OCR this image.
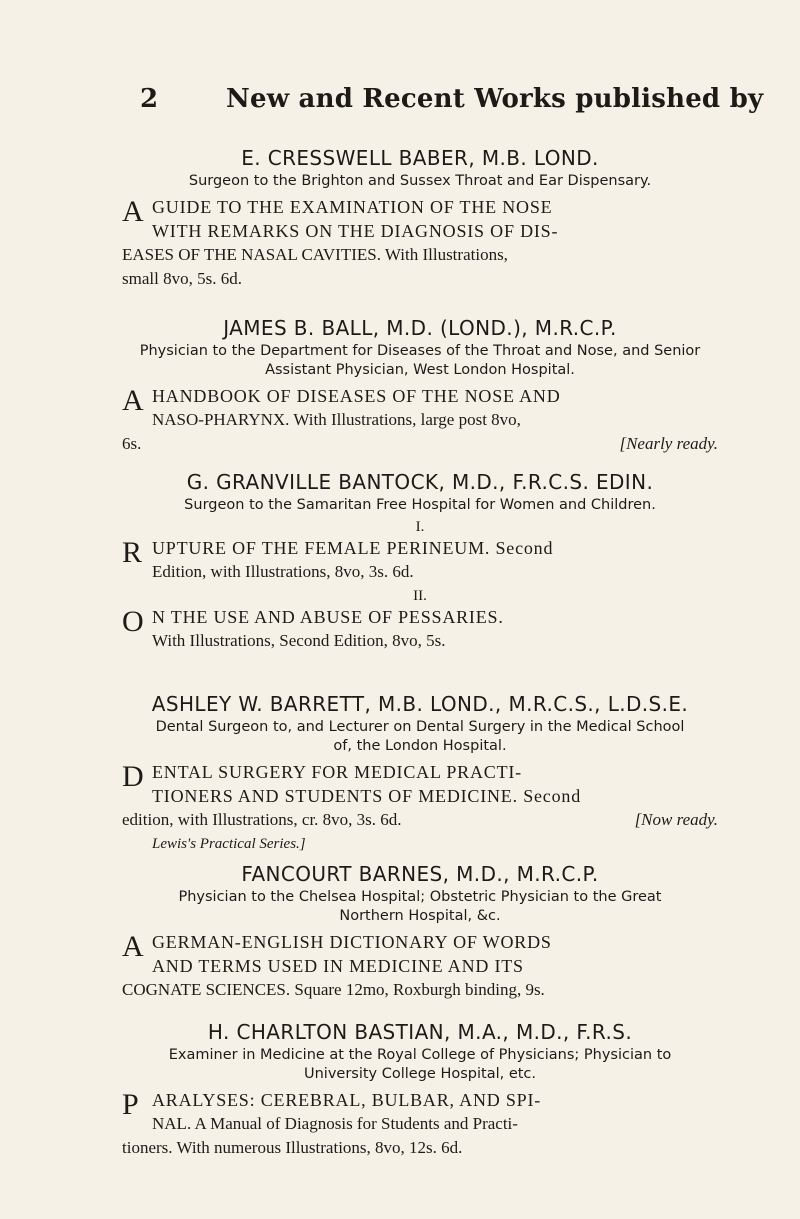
2	New and Recent Works published by

E. CRESSWELL BABER, M.B. LOND.

Surgeon to the Brighton and Sussex Throat and Ear Dispensary.

A GUIDE TO THE EXAMINATION OF THE NOSE
WITH REMARKS ON THE DIAGNOSIS OF DIS-
EASES OF THE NASAL CAVITIES. With Illustrations,
small 8vo, 5s. 6d.

JAMES B. BALL, M.D. (LOND.), M.R.C.P.

Physician to the Department for Diseases of the Throat and Nose, and Senior
Assistant Physician, West London Hospital.

A HANDBOOK OF DISEASES OF THE NOSE AND
NASO-PHARYNX. With Illustrations, large post 8vo,
6s.	[Nearly ready.

G. GRANVILLE BANTOCK, M.D., F.R.C.S. EDIN.

Surgeon to the Samaritan Free Hospital for Women and Children.

I.

R UPTURE OF THE FEMALE PERINEUM. Second
Edition, with Illustrations, 8vo, 3s. 6d.

II.

O N THE USE AND ABUSE OF PESSARIES.
With Illustrations, Second Edition, 8vo, 5s.

ASHLEY W. BARRETT, M.B. LOND., M.R.C.S., L.D.S.E.

Dental Surgeon to, and Lecturer on Dental Surgery in the Medical School
of, the London Hospital.

D ENTAL SURGERY FOR MEDICAL PRACTI-
TIONERS AND STUDENTS OF MEDICINE. Second
edition, with Illustrations, cr. 8vo, 3s. 6d.	[Now ready.
Lewis's Practical Series.]

FANCOURT BARNES, M.D., M.R.C.P.

Physician to the Chelsea Hospital; Obstetric Physician to the Great
Northern Hospital, &c.

A GERMAN-ENGLISH DICTIONARY OF WORDS
AND TERMS USED IN MEDICINE AND ITS
COGNATE SCIENCES. Square 12mo, Roxburgh binding, 9s.

H. CHARLTON BASTIAN, M.A., M.D., F.R.S.

Examiner in Medicine at the Royal College of Physicians; Physician to
University College Hospital, etc.

P ARALYSES: CEREBRAL, BULBAR, AND SPI-
NAL. A Manual of Diagnosis for Students and Practi-
tioners. With numerous Illustrations, 8vo, 12s. 6d.
